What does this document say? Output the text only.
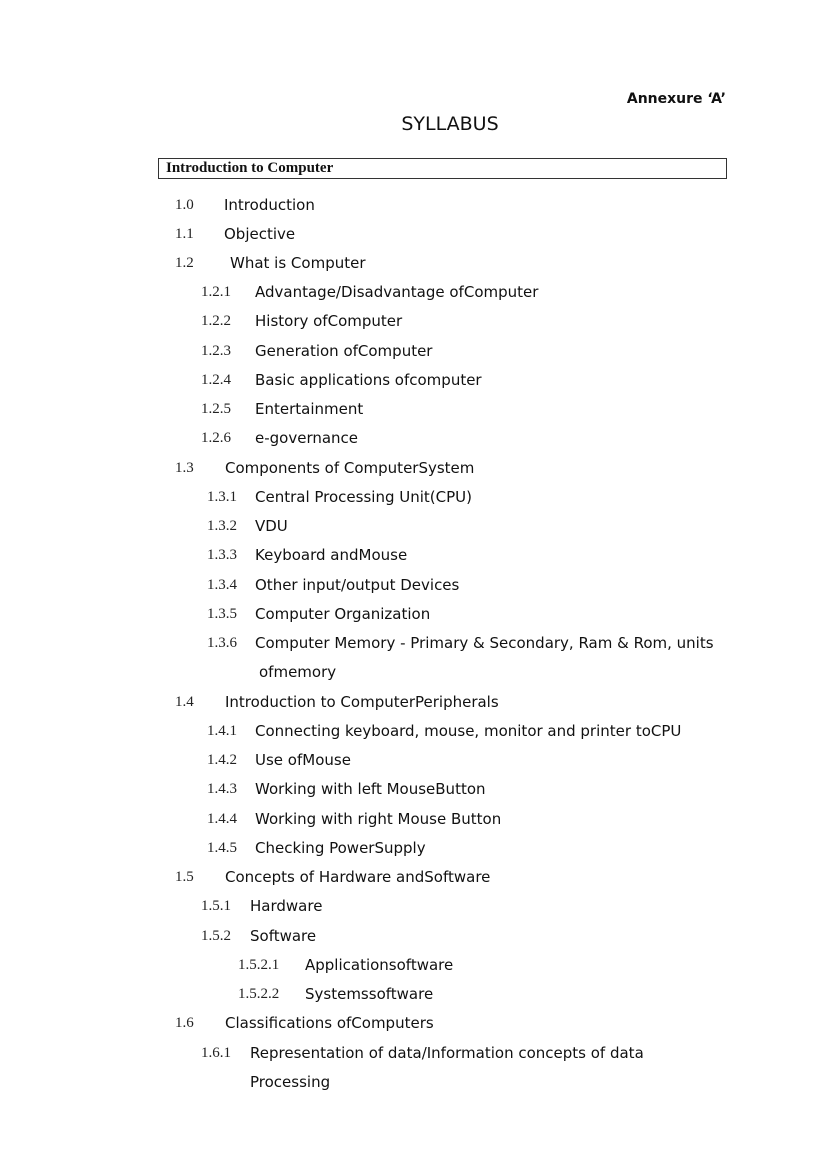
Annexure ‘A’
SYLLABUS
Introduction to Computer
1.0 Introduction
1.1 Objective
1.2 What is Computer
1.2.1 Advantage/Disadvantage ofComputer
1.2.2 History ofComputer
1.2.3 Generation ofComputer
1.2.4 Basic applications ofcomputer
1.2.5 Entertainment
1.2.6 e-governance
1.3 Components of ComputerSystem
1.3.1 Central Processing Unit(CPU)
1.3.2 VDU
1.3.3 Keyboard andMouse
1.3.4 Other input/output Devices
1.3.5 Computer Organization
1.3.6 Computer Memory - Primary & Secondary, Ram & Rom, units
ofmemory
1.4 Introduction to ComputerPeripherals
1.4.1 Connecting keyboard, mouse, monitor and printer toCPU
1.4.2 Use ofMouse
1.4.3 Working with left MouseButton
1.4.4 Working with right Mouse Button
1.4.5 Checking PowerSupply
1.5 Concepts of Hardware andSoftware
1.5.1 Hardware
1.5.2 Software
1.5.2.1 Applicationsoftware
1.5.2.2 Systemssoftware
1.6 Classifications ofComputers
1.6.1 Representation of data/Information concepts of data
Processing
